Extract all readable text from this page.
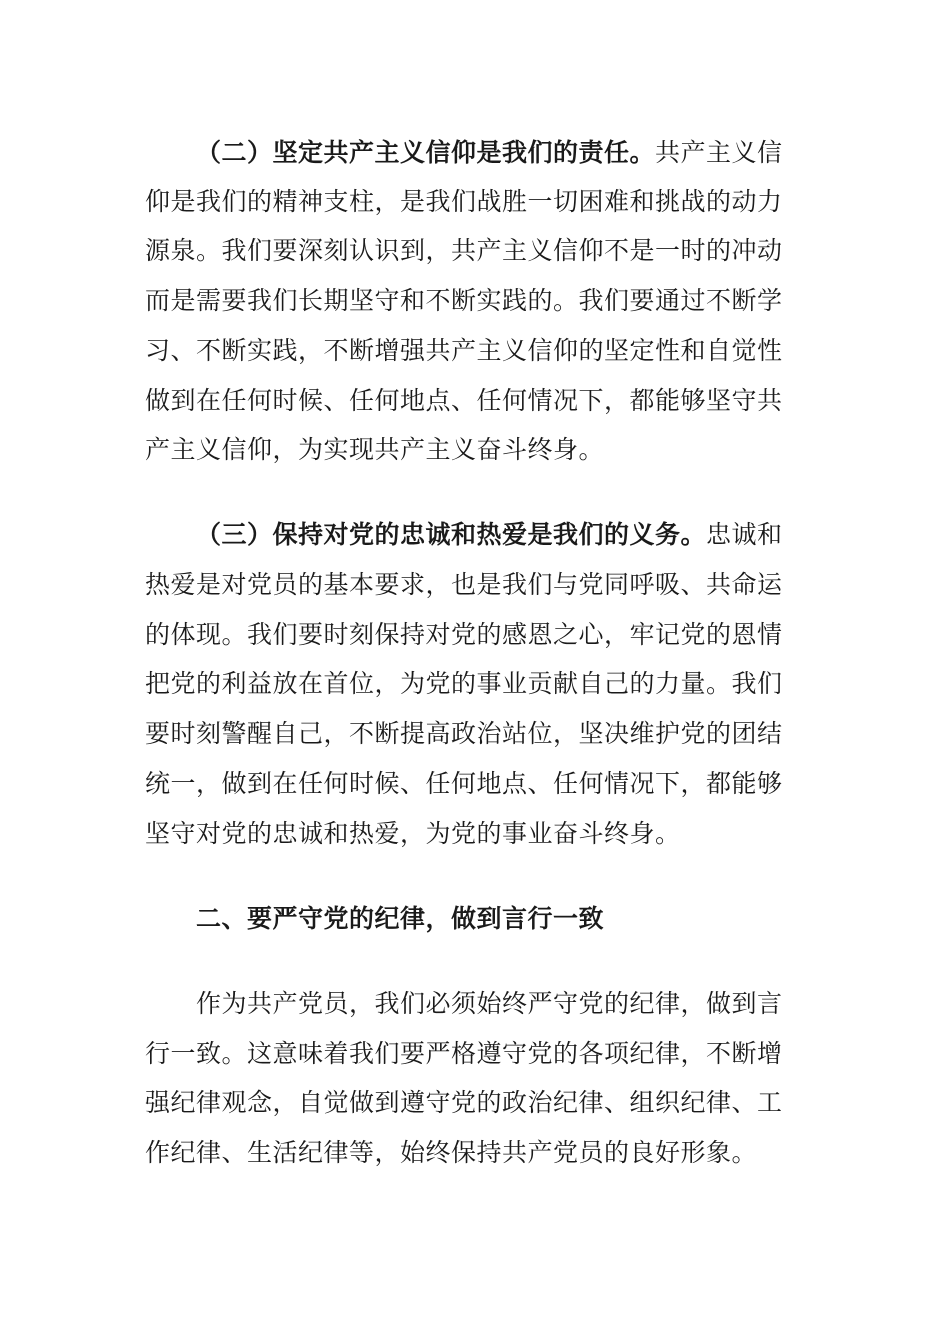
（二）坚定共产主义信仰是我们的责任。共产主义信
仰是我们的精神支柱，是我们战胜一切困难和挑战的动力
源泉。我们要深刻认识到，共产主义信仰不是一时的冲动
而是需要我们长期坚守和不断实践的。我们要通过不断学
习、不断实践，不断增强共产主义信仰的坚定性和自觉性
做到在任何时候、任何地点、任何情况下，都能够坚守共
产主义信仰，为实现共产主义奋斗终身。
（三）保持对党的忠诚和热爱是我们的义务。忠诚和
热爱是对党员的基本要求，也是我们与党同呼吸、共命运
的体现。我们要时刻保持对党的感恩之心，牢记党的恩情
把党的利益放在首位，为党的事业贡献自己的力量。我们
要时刻警醒自己，不断提高政治站位，坚决维护党的团结
统一，做到在任何时候、任何地点、任何情况下，都能够
坚守对党的忠诚和热爱，为党的事业奋斗终身。
二、要严守党的纪律，做到言行一致
作为共产党员，我们必须始终严守党的纪律，做到言
行一致。这意味着我们要严格遵守党的各项纪律，不断增
强纪律观念，自觉做到遵守党的政治纪律、组织纪律、工
作纪律、生活纪律等，始终保持共产党员的良好形象。
